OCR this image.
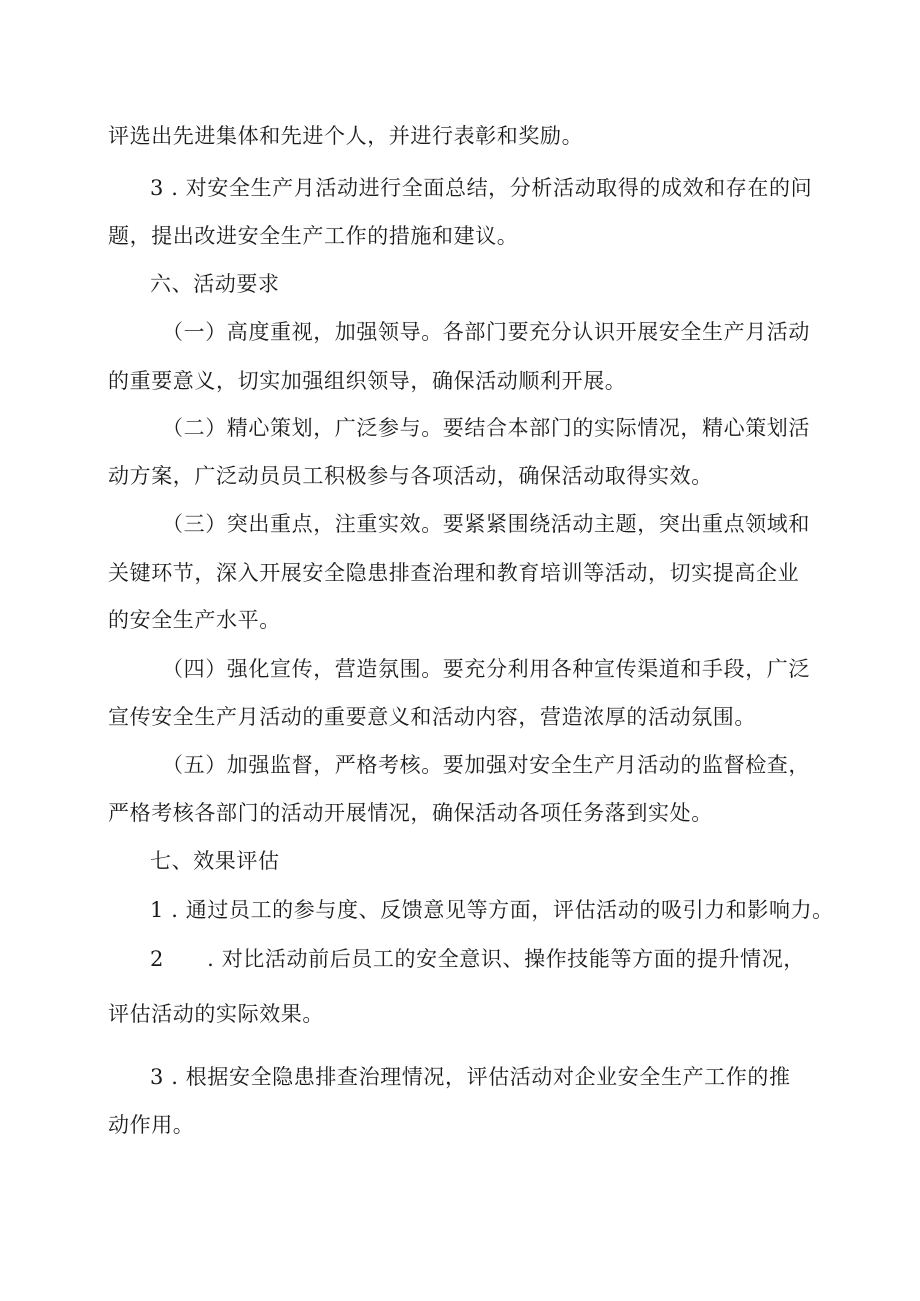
评选出先进集体和先进个人，并进行表彰和奖励。
3 . 对安全生产月活动进行全面总结，分析活动取得的成效和存在的问
题，提出改进安全生产工作的措施和建议。
六、活动要求
（一）高度重视，加强领导。各部门要充分认识开展安全生产月活动
的重要意义，切实加强组织领导，确保活动顺利开展。
（二）精心策划，广泛参与。要结合本部门的实际情况，精心策划活
动方案，广泛动员员工积极参与各项活动，确保活动取得实效。
（三）突出重点，注重实效。要紧紧围绕活动主题，突出重点领域和
关键环节，深入开展安全隐患排查治理和教育培训等活动，切实提高企业
的安全生产水平。
（四）强化宣传，营造氛围。要充分利用各种宣传渠道和手段，广泛
宣传安全生产月活动的重要意义和活动内容，营造浓厚的活动氛围。
（五）加强监督，严格考核。要加强对安全生产月活动的监督检查，
严格考核各部门的活动开展情况，确保活动各项任务落到实处。
七、效果评估
1 . 通过员工的参与度、反馈意见等方面，评估活动的吸引力和影响力。
2　　. 对比活动前后员工的安全意识、操作技能等方面的提升情况，
评估活动的实际效果。
3 . 根据安全隐患排查治理情况，评估活动对企业安全生产工作的推
动作用。
